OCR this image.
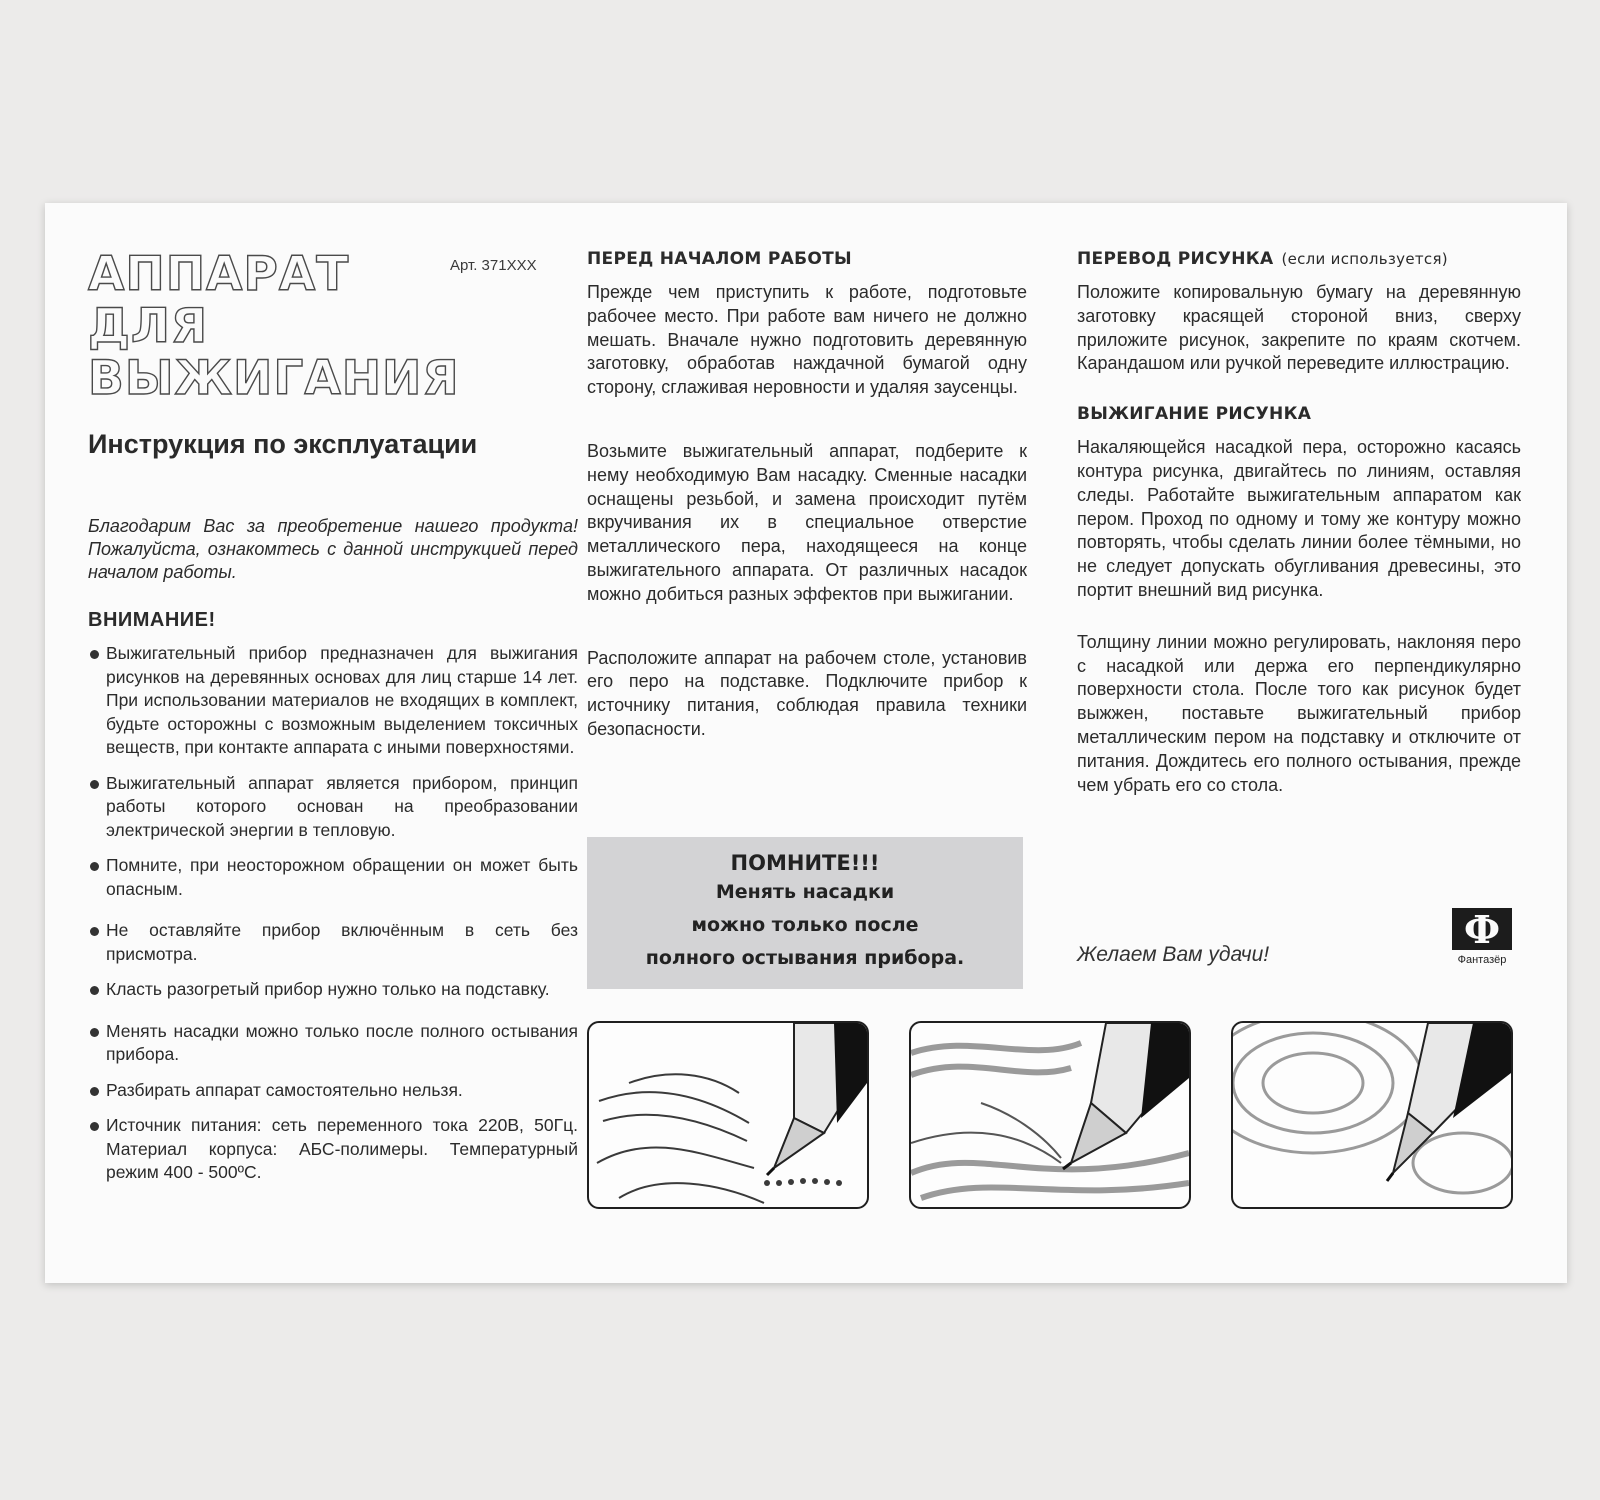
Арт. 371ХХХ
АППАРАТ
ДЛЯ ВЫЖИГАНИЯ
Инструкция по эксплуатации
Благодарим Вас за преобретение нашего продукта! Пожалуйста, ознакомтесь с данной инструкцией перед началом работы.
ВНИМАНИЕ!
Выжигательный прибор предназначен для выжигания рисунков на деревянных основах для лиц старше 14 лет. При использовании материалов не входящих в комплект, будьте осторожны с возможным выделением токсичных веществ, при контакте аппарата с иными поверхностями.
Выжигательный аппарат является прибором, принцип работы которого основан на преобразовании электрической энергии в тепловую.
Помните, при неосторожном обращении он может быть опасным.
Не оставляйте прибор включённым в сеть без присмотра.
Класть разогретый прибор нужно только на подставку.
Менять насадки можно только после полного остывания прибора.
Разбирать аппарат самостоятельно нельзя.
Источник питания: сеть переменного тока 220В, 50Гц. Материал корпуса: АБС-полимеры. Температурный режим 400 - 500ºС.
ПЕРЕД НАЧАЛОМ РАБОТЫ
Прежде чем приступить к работе, подготовьте рабочее место. При работе вам ничего не должно мешать. Вначале нужно подготовить деревянную заготовку, обработав наждачной бумагой одну сторону, сглаживая неровности и удаляя заусенцы.
Возьмите выжигательный аппарат, подберите к нему необходимую Вам насадку. Сменные насадки оснащены резьбой, и замена происходит путём вкручивания их в специальное отверстие металлического пера, находящееся на конце выжигательного аппарата. От различных насадок можно добиться разных эффектов при выжигании.
Расположите аппарат на рабочем столе, установив его перо на подставке. Подключите прибор к источнику питания, соблюдая правила техники безопасности.
ПОМНИТЕ!!!
Менять насадки
можно только после
полного остывания прибора.
ПЕРЕВОД РИСУНКА (если используется)
Положите копировальную бумагу на деревянную заготовку красящей стороной вниз, сверху приложите рисунок, закрепите по краям скотчем. Карандашом или ручкой переведите иллюстрацию.
ВЫЖИГАНИЕ РИСУНКА
Накаляющейся насадкой пера, осторожно касаясь контура рисунка, двигайтесь по линиям, оставляя следы. Работайте выжигательным аппаратом как пером. Проход по одному и тому же контуру можно повторять, чтобы сделать линии более тёмными, но не следует допускать обугливания древесины, это портит внешний вид рисунка.
Толщину линии можно регулировать, наклоняя перо с насадкой или держа его перпендикулярно поверхности стола. После того как рисунок будет выжжен, поставьте выжигательный прибор металлическим пером на подставку и отключите от питания. Дождитесь его полного остывания, прежде чем убрать его со стола.
Желаем Вам удачи!
Ф
Фантазёр
